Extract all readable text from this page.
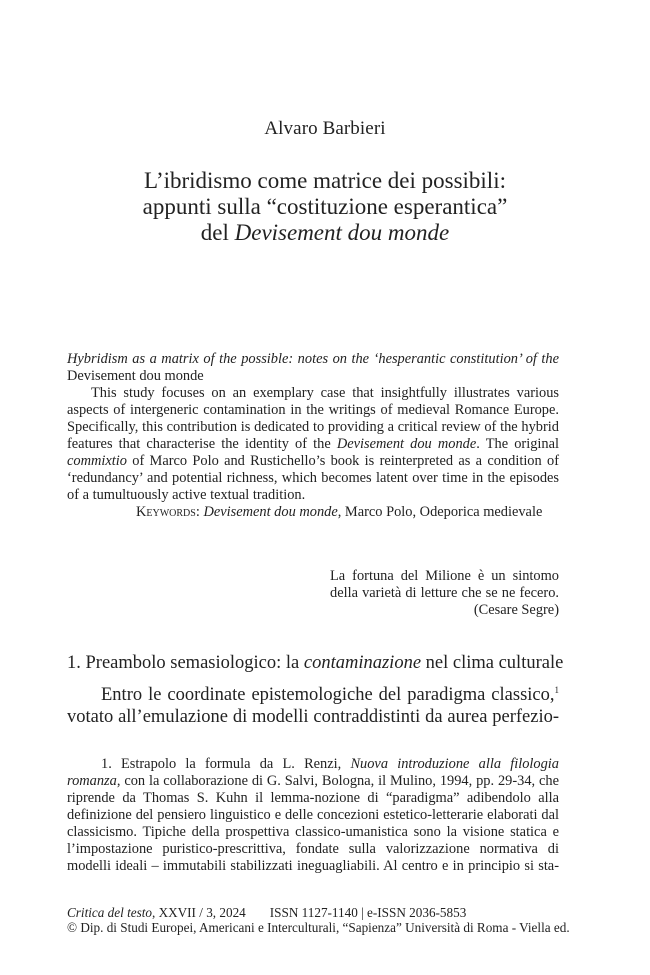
Alvaro Barbieri
L’ibridismo come matrice dei possibili:
appunti sulla “costituzione esperantica”
del Devisement dou monde
Hybridism as a matrix of the possible: notes on the ‘hesperantic constitution’ of the Devisement dou monde

This study focuses on an exemplary case that insightfully illustrates various aspects of intergeneric contamination in the writings of medieval Romance Europe. Specifically, this contribution is dedicated to providing a critical review of the hybrid features that characterise the identity of the Devisement dou monde. The original commixtio of Marco Polo and Rustichello’s book is reinterpreted as a condition of ‘redundancy’ and potential richness, which becomes latent over time in the episodes of a tumultuously active textual tradition.

Keywords: Devisement dou monde, Marco Polo, Odeporica medievale
La fortuna del Milione è un sintomo
della varietà di letture che se ne fecero.
(Cesare Segre)
1. Preambolo semasiologico: la contaminazione nel clima culturale

Entro le coordinate epistemologiche del paradigma classico,$^1$ votato all’emulazione di modelli contraddistinti da aurea perfezio-

1. Estrapolo la formula da L. Renzi, Nuova introduzione alla filologia romanza, con la collaborazione di G. Salvi, Bologna, il Mulino, 1994, pp. 29-34, che riprende da Thomas S. Kuhn il lemma-nozione di “paradigma” adibendolo alla definizione del pensiero linguistico e delle concezioni estetico-letterarie elaborati dal classicismo. Tipiche della prospettiva classico-umanistica sono la visione statica e l’impostazione puristico-prescrittiva, fondate sulla valorizzazione normativa di modelli ideali – immutabili stabilizzati ineguagliabili. Al centro e in principio si sta-

Critica del testo, XXVII / 3, 2024 ISSN 1127-1140 | e-ISSN 2036-5853
© Dip. di Studi Europei, Americani e Interculturali, “Sapienza” Università di Roma - Viella ed.
